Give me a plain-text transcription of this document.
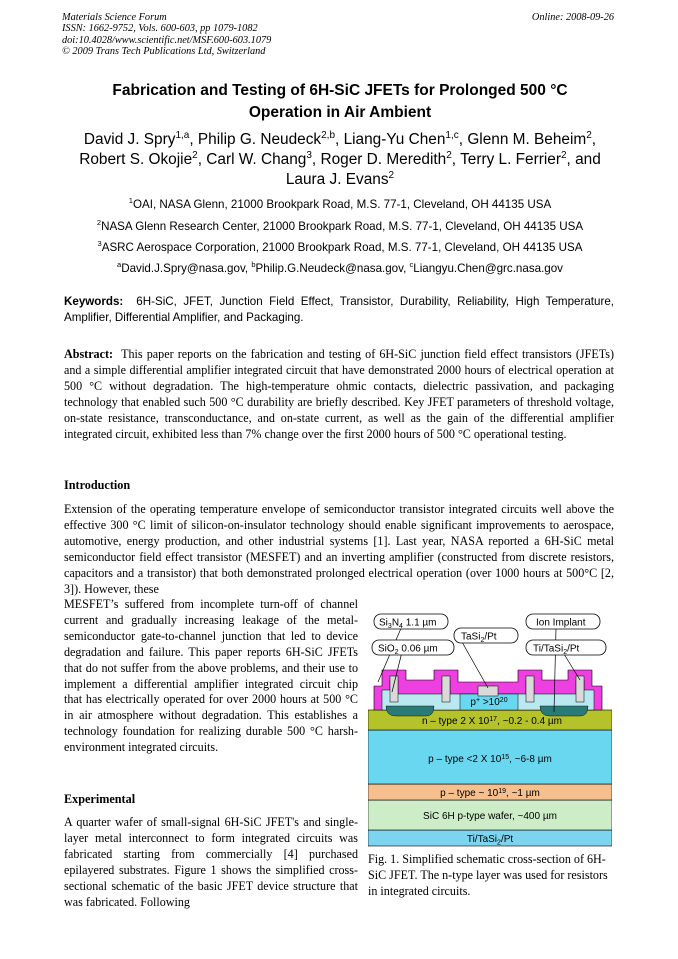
Materials Science Forum
ISSN: 1662-9752, Vols. 600-603, pp 1079-1082
doi:10.4028/www.scientific.net/MSF.600-603.1079
© 2009 Trans Tech Publications Ltd, Switzerland
Online: 2008-09-26
Fabrication and Testing of 6H-SiC JFETs for Prolonged 500 °C
Operation in Air Ambient
David J. Spry$^{1,a}$, Philip G. Neudeck$^{2,b}$, Liang-Yu Chen$^{1,c}$, Glenn M. Beheim$^2$,
Robert S. Okojie$^2$, Carl W. Chang$^3$, Roger D. Meredith$^2$, Terry L. Ferrier$^2$, and
Laura J. Evans$^2$
$^1$OAI, NASA Glenn, 21000 Brookpark Road, M.S. 77-1, Cleveland, OH 44135 USA
$^2$NASA Glenn Research Center, 21000 Brookpark Road, M.S. 77-1, Cleveland, OH 44135 USA
$^3$ASRC Aerospace Corporation, 21000 Brookpark Road, M.S. 77-1, Cleveland, OH 44135 USA
$^a$David.J.Spry@nasa.gov, $^b$Philip.G.Neudeck@nasa.gov, $^c$Liangyu.Chen@grc.nasa.gov
Keywords: 6H-SiC, JFET, Junction Field Effect, Transistor, Durability, Reliability, High Temperature, Amplifier, Differential Amplifier, and Packaging.
Abstract: This paper reports on the fabrication and testing of 6H-SiC junction field effect transistors (JFETs) and a simple differential amplifier integrated circuit that have demonstrated 2000 hours of electrical operation at 500 °C without degradation. The high-temperature ohmic contacts, dielectric passivation, and packaging technology that enabled such 500 °C durability are briefly described. Key JFET parameters of threshold voltage, on-state resistance, transconductance, and on-state current, as well as the gain of the differential amplifier integrated circuit, exhibited less than 7% change over the first 2000 hours of 500 °C operational testing.
Introduction
Extension of the operating temperature envelope of semiconductor transistor integrated circuits well above the effective 300 °C limit of silicon-on-insulator technology should enable significant improvements to aerospace, automotive, energy production, and other industrial systems [1]. Last year, NASA reported a 6H-SiC metal semiconductor field effect transistor (MESFET) and an inverting amplifier (constructed from discrete resistors, capacitors and a transistor) that both demonstrated prolonged electrical operation (over 1000 hours at 500°C [2, 3]). However, these
MESFET’s suffered from incomplete turn-off of channel current and gradually increasing leakage of the metal-semiconductor gate-to-channel junction that led to device degradation and failure. This paper reports 6H-SiC JFETs that do not suffer from the above problems, and their use to implement a differential amplifier integrated circuit chip that has electrically operated for over 2000 hours at 500 °C in air atmosphere without degradation. This establishes a technology foundation for realizing durable 500 °C harsh-environment integrated circuits.
Experimental
A quarter wafer of small-signal 6H-SiC JFET's and single-layer metal interconnect to form integrated circuits was fabricated starting from commercially [4] purchased epilayered substrates. Figure 1 shows the simplified cross-sectional schematic of the basic JFET device structure that was fabricated. Following
$Si_3N_4$ 1.1 µm
TaSi$_2$/Pt
Ion Implant
SiO$_2$ 0.06 µm	Ti/TaSi$_2$/Pt
$p^+ >10^{20}$
n – type 2 X $10^{17}$, ~0.2 - 0.4 µm
p – type <2 X $10^{15}$, ~6-8 µm
p – type ~ $10^{19}$, ~1 µm
SiC 6H p-type wafer, ~400 µm
Ti/TaSi$_2$/Pt
Fig. 1. Simplified schematic cross-section of 6H-SiC JFET. The n-type layer was used for resistors in integrated circuits.
